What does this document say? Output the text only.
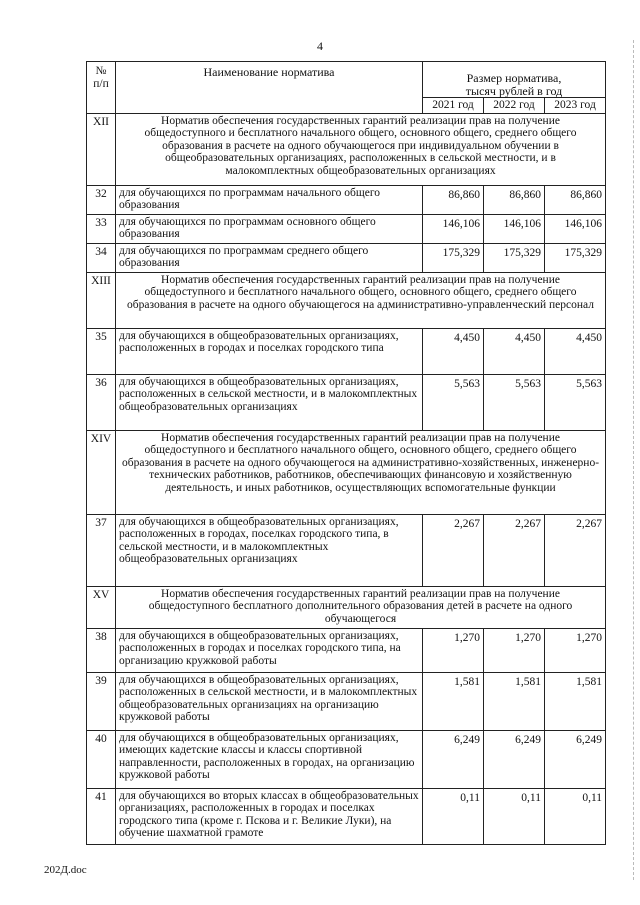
4
№
п/п	Наименование норматива	Размер норматива,
тысяч рублей в год		
		2021 год	2022 год	2023 год
XII	Норматив обеспечения государственных гарантий реализации прав на получение общедоступного и бесплатного начального общего, основного общего, среднего общего образования в расчете на одного обучающегося при индивидуальном обучении в общеобразовательных организациях, расположенных в сельской местности, и в малокомплектных общеобразовательных организациях			
32	для обучающихся по программам начального общего образования	86,860	86,860	86,860
33	для обучающихся по программам основного общего образования	146,106	146,106	146,106
34	для обучающихся по программам среднего общего образования	175,329	175,329	175,329
XIII	Норматив обеспечения государственных гарантий реализации прав на получение общедоступного и бесплатного начального общего, основного общего, среднего общего образования в расчете на одного обучающегося на административно-управленческий персонал			
35	для обучающихся в общеобразовательных организациях, расположенных в городах и поселках городского типа	4,450	4,450	4,450
36	для обучающихся в общеобразовательных организациях, расположенных в сельской местности, и в малокомплектных общеобразовательных организациях	5,563	5,563	5,563
XIV	Норматив обеспечения государственных гарантий реализации прав на получение общедоступного и бесплатного начального общего, основного общего, среднего общего образования в расчете на одного обучающегося на административно-хозяйственных, инженерно-технических работников, работников, обеспечивающих финансовую и хозяйственную деятельность, и иных работников, осуществляющих вспомогательные функции			
37	для обучающихся в общеобразовательных организациях, расположенных в городах, поселках городского типа, в сельской местности, и в малокомплектных общеобразовательных организациях	2,267	2,267	2,267
XV	Норматив обеспечения государственных гарантий реализации прав на получение общедоступного бесплатного дополнительного образования детей в расчете на одного обучающегося			
38	для обучающихся в общеобразовательных организациях, расположенных в городах и поселках городского типа, на организацию кружковой работы	1,270	1,270	1,270
39	для обучающихся в общеобразовательных организациях, расположенных в сельской местности, и в малокомплектных общеобразовательных организациях на организацию кружковой работы	1,581	1,581	1,581
40	для обучающихся в общеобразовательных организациях, имеющих кадетские классы и классы спортивной направленности, расположенных в городах, на организацию кружковой работы	6,249	6,249	6,249
41	для обучающихся во вторых классах в общеобразовательных организациях, расположенных в городах и поселках городского типа (кроме г. Пскова и г. Великие Луки), на обучение шахматной грамоте	0,11	0,11	0,11
202Д.doc
